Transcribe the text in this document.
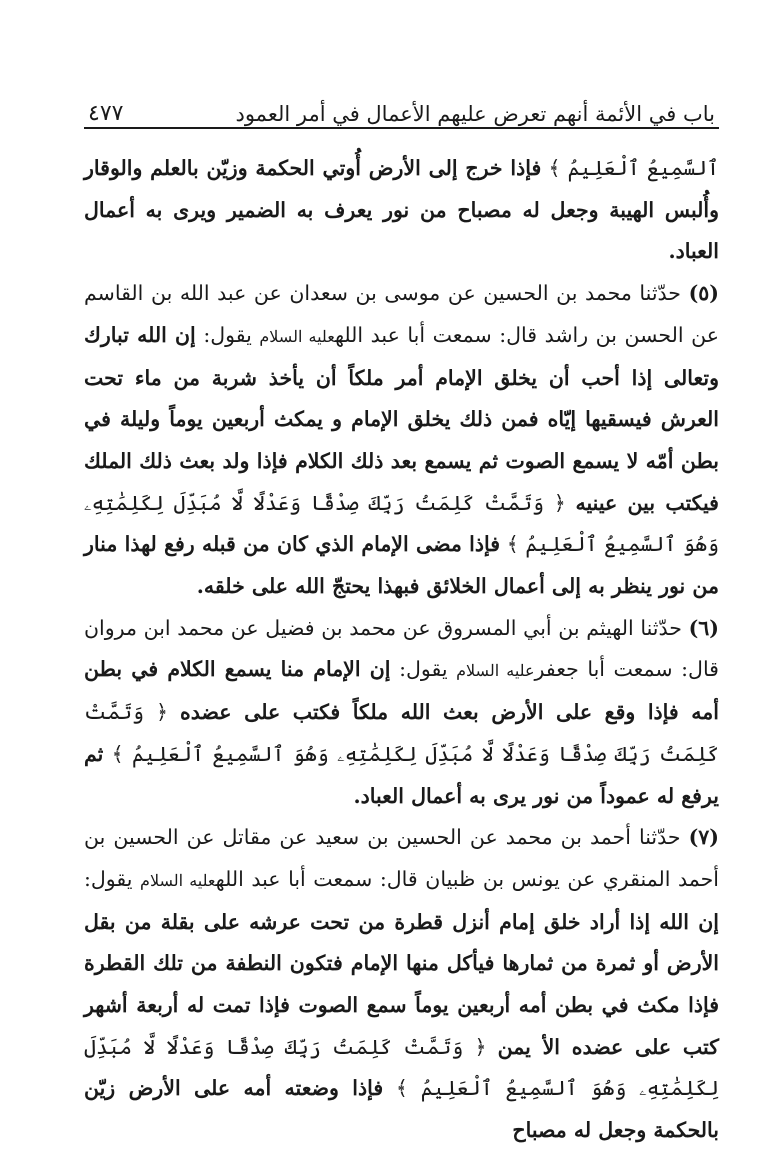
باب في الأئمة أنهم تعرض عليهم الأعمال في أمر العمود
٤٧٧

ٱلسَّمِيعُ ٱلْعَلِيمُ ﴾ فإذا خرج إلى الأرض أُوتي الحكمة وزيّن بالعلم والوقار وأُلبس الهيبة وجعل له مصباح من نور يعرف به الضمير ويرى به أعمال العباد.

(٥) حدّثنا محمد بن الحسين عن موسى بن سعدان عن عبد الله بن القاسم عن الحسن بن راشد قال: سمعت أبا عبد اللهعليه السلام يقول: إن الله تبارك وتعالى إذا أحب أن يخلق الإمام أمر ملكاً أن يأخذ شربة من ماء تحت العرش فيسقيها إيّاه فمن ذلك يخلق الإمام و يمكث أربعين يوماً وليلة في بطن أمّه لا يسمع الصوت ثم يسمع بعد ذلك الكلام فإذا ولد بعث ذلك الملك فيكتب بين عينيه ﴿ وَتَمَّتْ كَلِمَتُ رَبِّكَ صِدْقًا وَعَدْلًا لَّا مُبَدِّلَ لِكَلِمَٰتِهِۦ وَهُوَ ٱلسَّمِيعُ ٱلْعَلِيمُ ﴾ فإذا مضى الإمام الذي كان من قبله رفع لهذا منار من نور ينظر به إلى أعمال الخلائق فبهذا يحتجّ الله على خلقه.

(٦) حدّثنا الهيثم بن أبي المسروق عن محمد بن فضيل عن محمد ابن مروان قال: سمعت أبا جعفرعليه السلام يقول: إن الإمام منا يسمع الكلام في بطن أمه فإذا وقع على الأرض بعث الله ملكاً فكتب على عضده ﴿ وَتَمَّتْ كَلِمَتُ رَبِّكَ صِدْقًا وَعَدْلًا لَّا مُبَدِّلَ لِكَلِمَٰتِهِۦ وَهُوَ ٱلسَّمِيعُ ٱلْعَلِيمُ ﴾ ثم يرفع له عموداً من نور يرى به أعمال العباد.

(٧) حدّثنا أحمد بن محمد عن الحسين بن سعيد عن مقاتل عن الحسين بن أحمد المنقري عن يونس بن ظبيان قال: سمعت أبا عبد اللهعليه السلام يقول: إن الله إذا أراد خلق إمام أنزل قطرة من تحت عرشه على بقلة من بقل الأرض أو ثمرة من ثمارها فيأكل منها الإمام فتكون النطفة من تلك القطرة فإذا مكث في بطن أمه أربعين يوماً سمع الصوت فإذا تمت له أربعة أشهر كتب على عضده الأ يمن ﴿ وَتَمَّتْ كَلِمَتُ رَبِّكَ صِدْقًا وَعَدْلًا لَّا مُبَدِّلَ لِكَلِمَٰتِهِۦ وَهُوَ ٱلسَّمِيعُ ٱلْعَلِيمُ ﴾ فإذا وضعته أمه على الأرض زيّن بالحكمة وجعل له مصباح
